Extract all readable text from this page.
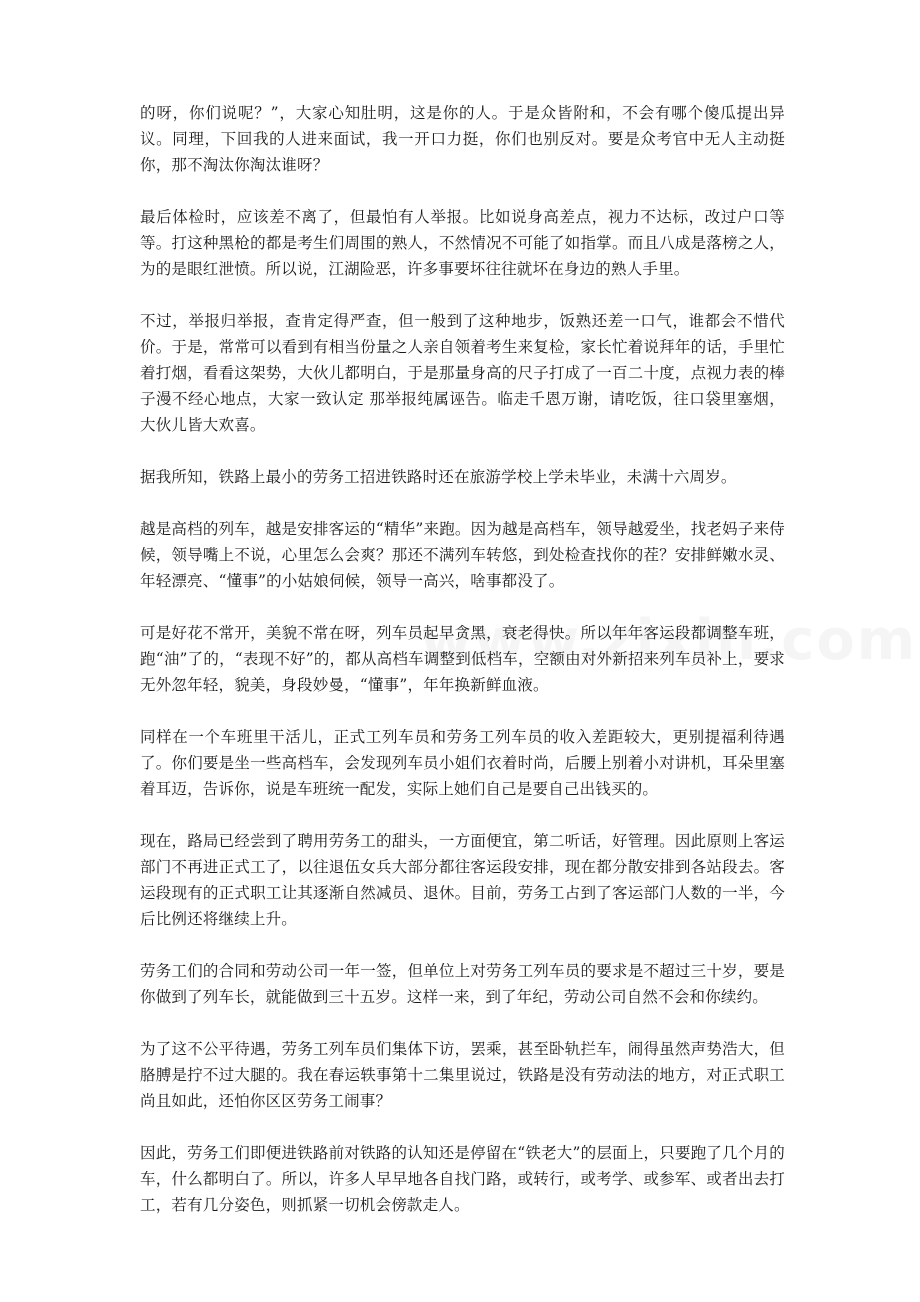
的呀，你们说呢？”，大家心知肚明，这是你的人。于是众皆附和，不会有哪个傻瓜提出异议。同理，下回我的人进来面试，我一开口力挺，你们也别反对。要是众考官中无人主动挺你，那不淘汰你淘汰谁呀？

最后体检时，应该差不离了，但最怕有人举报。比如说身高差点，视力不达标，改过户口等等。打这种黑枪的都是考生们周围的熟人，不然情况不可能了如指掌。而且八成是落榜之人，为的是眼红泄愤。所以说，江湖险恶，许多事要坏往往就坏在身边的熟人手里。

不过，举报归举报，查肯定得严查，但一般到了这种地步，饭熟还差一口气，谁都会不惜代价。于是，常常可以看到有相当份量之人亲自领着考生来复检，家长忙着说拜年的话，手里忙着打烟，看看这架势，大伙儿都明白，于是那量身高的尺子打成了一百二十度，点视力表的棒子漫不经心地点，大家一致认定 那举报纯属诬告。临走千恩万谢，请吃饭，往口袋里塞烟，大伙儿皆大欢喜。

据我所知，铁路上最小的劳务工招进铁路时还在旅游学校上学未毕业，未满十六周岁。

越是高档的列车，越是安排客运的“精华”来跑。因为越是高档车，领导越爱坐，找老妈子来侍候，领导嘴上不说，心里怎么会爽？那还不满列车转悠，到处检查找你的茬？安排鲜嫩水灵、年轻漂亮、“懂事”的小姑娘伺候，领导一高兴，啥事都没了。

可是好花不常开，美貌不常在呀，列车员起早贪黑，衰老得快。所以年年客运段都调整车班，跑“油”了的，“表现不好”的，都从高档车调整到低档车，空额由对外新招来列车员补上，要求无外忽年轻，貌美，身段妙曼，“懂事”，年年换新鲜血液。

同样在一个车班里干活儿，正式工列车员和劳务工列车员的收入差距较大，更别提福利待遇了。你们要是坐一些高档车，会发现列车员小姐们衣着时尚，后腰上别着小对讲机，耳朵里塞着耳迈，告诉你，说是车班统一配发，实际上她们自己是要自己出钱买的。

现在，路局已经尝到了聘用劳务工的甜头，一方面便宜，第二听话，好管理。因此原则上客运部门不再进正式工了，以往退伍女兵大部分都往客运段安排，现在都分散安排到各站段去。客运段现有的正式职工让其逐渐自然减员、退休。目前，劳务工占到了客运部门人数的一半，今后比例还将继续上升。

劳务工们的合同和劳动公司一年一签，但单位上对劳务工列车员的要求是不超过三十岁，要是你做到了列车长，就能做到三十五岁。这样一来，到了年纪，劳动公司自然不会和你续约。

为了这不公平待遇，劳务工列车员们集体下访，罢乘，甚至卧轨拦车，闹得虽然声势浩大，但胳膊是拧不过大腿的。我在春运轶事第十二集里说过，铁路是没有劳动法的地方，对正式职工尚且如此，还怕你区区劳务工闹事？

因此，劳务工们即便进铁路前对铁路的认知还是停留在“铁老大”的层面上，只要跑了几个月的车，什么都明白了。所以，许多人早早地各自找门路，或转行，或考学、或参军、或者出去打工，若有几分姿色，则抓紧一切机会傍款走人。
